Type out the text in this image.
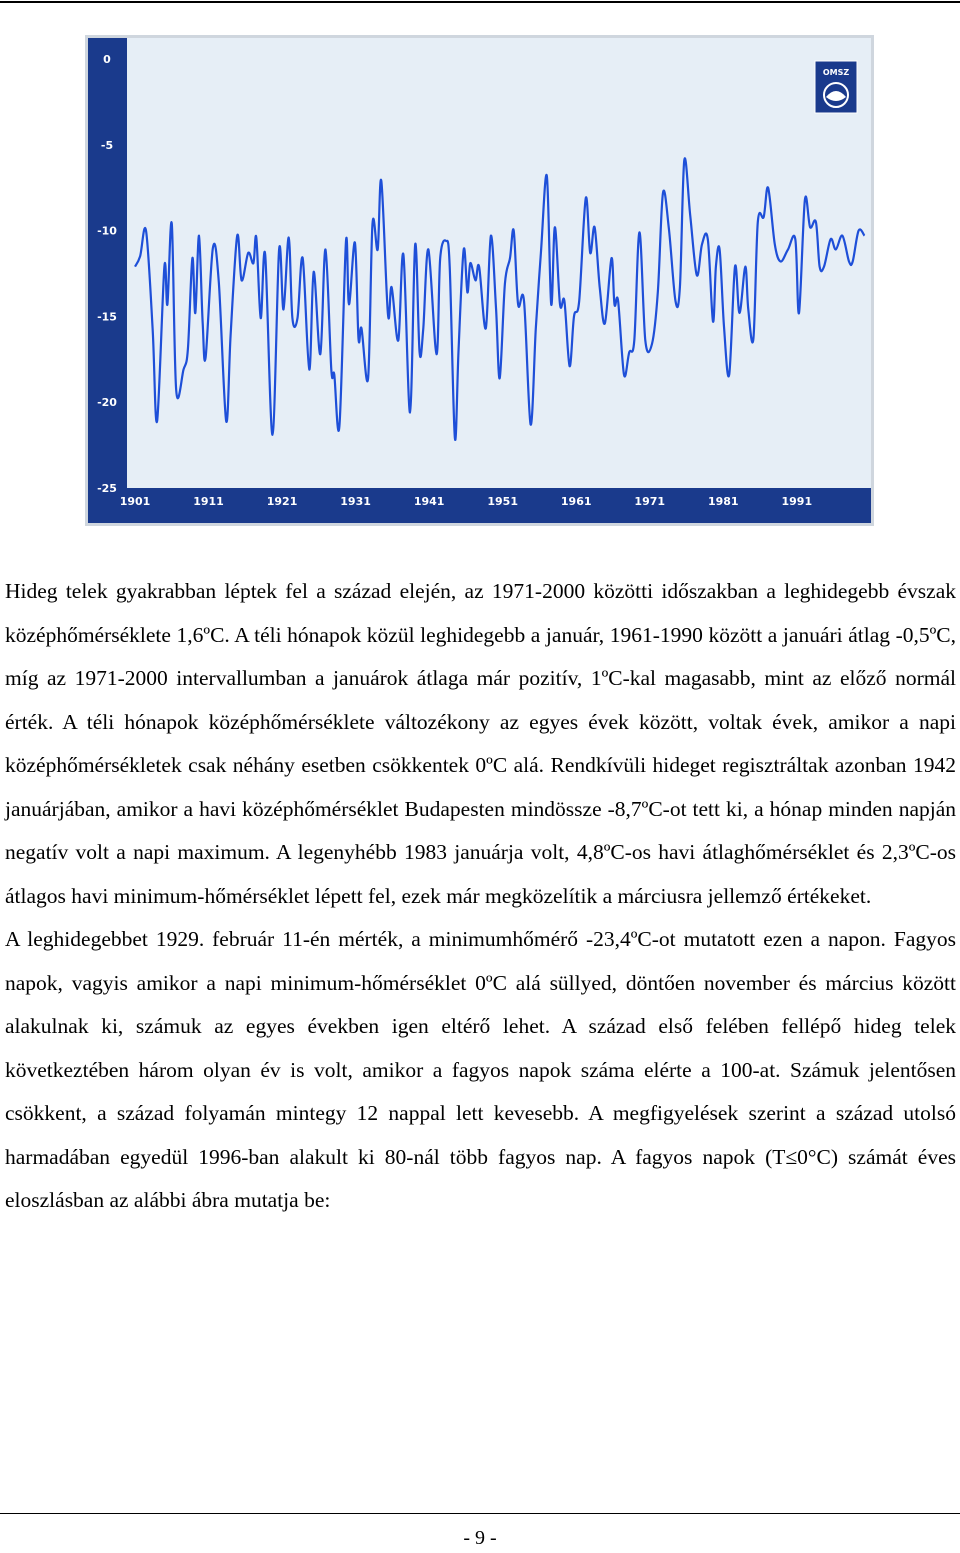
0
-5
-10
-15
-20
-25
1901	1911	1921	1931	1941	1951	1961	1971	1981	1991
OMSZ

Hideg telek gyakrabban léptek fel a század elején, az 1971-2000 közötti időszakban a leghidegebb évszak középhőmérséklete 1,6ºC. A téli hónapok közül leghidegebb a január, 1961-1990 között a januári átlag -0,5ºC, míg az 1971-2000 intervallumban a januárok átlaga már pozitív, 1ºC-kal magasabb, mint az előző normál érték. A téli hónapok középhőmérséklete változékony az egyes évek között, voltak évek, amikor a napi középhőmérsékletek csak néhány esetben csökkentek 0ºC alá. Rendkívüli hideget regisztráltak azonban 1942 januárjában, amikor a havi középhőmérséklet Budapesten mindössze -8,7ºC-ot tett ki, a hónap minden napján negatív volt a napi maximum. A legenyhébb 1983 januárja volt, 4,8ºC-os havi átlaghőmérséklet és 2,3ºC-os átlagos havi minimum-hőmérséklet lépett fel, ezek már megközelítik a márciusra jellemző értékeket.

A leghidegebbet 1929. február 11-én mérték, a minimumhőmérő -23,4ºC-ot mutatott ezen a napon. Fagyos napok, vagyis amikor a napi minimum-hőmérséklet 0ºC alá süllyed, döntően november és március között alakulnak ki, számuk az egyes években igen eltérő lehet. A század első felében fellépő hideg telek következtében három olyan év is volt, amikor a fagyos napok száma elérte a 100-at. Számuk jelentősen csökkent, a század folyamán mintegy 12 nappal lett kevesebb. A megfigyelések szerint a század utolsó harmadában egyedül 1996-ban alakult ki 80-nál több fagyos nap. A fagyos napok (T≤0°C) számát éves eloszlásban az alábbi ábra mutatja be:

- 9 -
